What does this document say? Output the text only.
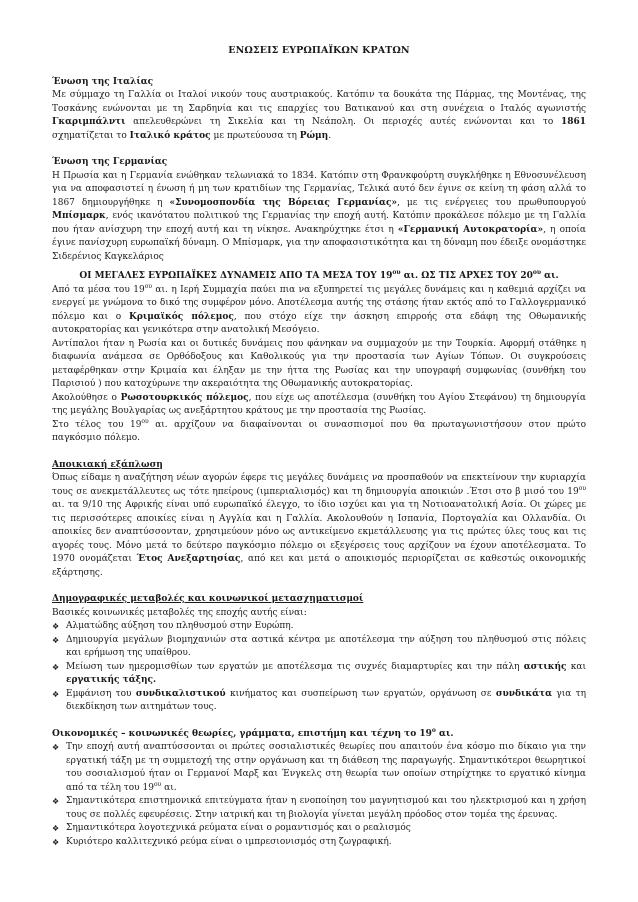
ΕΝΩΣΕΙΣ ΕΥΡΩΠΑΪΚΩΝ ΚΡΑΤΩΝ
Ένωση της Ιταλίας

Με σύμμαχο τη Γαλλία οι Ιταλοί νικούν τους αυστριακούς. Κατόπιν τα δουκάτα της Πάρμας, της Μοντένας, της Τοσκάνης ενώνονται με τη Σαρδηνία και τις επαρχίες του Βατικανού και στη συνέχεια ο Ιταλός αγωνιστής Γκαριμπάλντι απελευθερώνει τη Σικελία και τη Νεάπολη. Οι περιοχές αυτές ενώνονται και το 1861 σχηματίζεται το Ιταλικό κράτος με πρωτεύουσα τη Ρώμη.

Ένωση της Γερμανίας

Η Πρωσία και η Γερμανία ενώθηκαν τελωνιακά το 1834. Κατόπιν στη Φρανκφούρτη συγκλήθηκε η Εθνοσυνέλευση για να αποφασιστεί η ένωση ή μη των κρατιδίων της Γερμανίας, Τελικά αυτό δεν έγινε σε κείνη τη φάση αλλά το 1867 δημιουργήθηκε η «Συνομοσπονδία της Βόρειας Γερμανίας», με τις ενέργειες του πρωθυπουργού Μπίσμαρκ, ενός ικανότατου πολιτικού της Γερμανίας την εποχή αυτή. Κατόπιν προκάλεσε πόλεμο με τη Γαλλία που ήταν ανίσχυρη την εποχή αυτή και τη νίκησε. Ανακηρύχτηκε έτσι η «Γερμανική Αυτοκρατορία», η οποία έγινε πανίσχυρη ευρωπαϊκή δύναμη. Ο Μπίσμαρκ, για την αποφασιστικότητα και τη δύναμη που έδειξε ονομάστηκε Σιδερένιος Καγκελάριος

ΟΙ ΜΕΓΑΛΕΣ ΕΥΡΩΠΑΪΚΕΣ ΔΥΝΑΜΕΙΣ ΑΠΟ ΤΑ ΜΕΣΑ ΤΟΥ $19^{o\upsilon}$ αι. ΩΣ ΤΙΣ ΑΡΧΕΣ ΤΟΥ $20^{o\upsilon}$ αι.

Από τα μέσα του $19^{o\upsilon}$ αι. η Ιερή Συμμαχία παύει πια να εξυπηρετεί τις μεγάλες δυνάμεις και η καθεμιά αρχίζει να ενεργεί με γνώμονα το δικό της συμφέρον μόνο. Αποτέλεσμα αυτής της στάσης ήταν εκτός από το Γαλλογερμανικό πόλεμο και ο Κριμαϊκός πόλεμος, που στόχο είχε την άσκηση επιρροής στα εδάφη της Οθωμανικής αυτοκρατορίας και γενικότερα στην ανατολική Μεσόγειο.

Αντίπαλοι ήταν η Ρωσία και οι δυτικές δυνάμεις που φάνηκαν να συμμαχούν με την Τουρκία. Αφορμή στάθηκε η διαφωνία ανάμεσα σε Ορθόδοξους και Καθολικούς για την προστασία των Αγίων Τόπων. Οι συγκρούσεις μεταφέρθηκαν στην Κριμαία και έληξαν με την ήττα της Ρωσίας και την υπογραφή συμφωνίας (συνθήκη του Παρισιού ) που κατοχύρωνε την ακεραιότητα της Οθωμανικής αυτοκρατορίας.

Ακολούθησε ο Ρωσοτουρκικός πόλεμος, που είχε ως αποτέλεσμα (συνθήκη του Αγίου Στεφάνου) τη δημιουργία της μεγάλης Βουλγαρίας ως ανεξάρτητου κράτους με την προστασία της Ρωσίας.

Στο τέλος του $19^{o\upsilon}$ αι. αρχίζουν να διαφαίνονται οι συνασπισμοί που θα πρωταγωνιστήσουν στον πρώτο παγκόσμιο πόλεμο.

Αποικιακή εξάπλωση

Όπως είδαμε η αναζήτηση νέων αγορών έφερε τις μεγάλες δυνάμεις να προσπαθούν να επεκτείνουν την κυριαρχία τους σε ανεκμετάλλευτες ως τότε ηπείρους (ιμπεριαλισμός) και τη δημιουργία αποικιών .Έτσι στο β μισό του $19^{o\upsilon}$ αι. τα 9/10 της Αφρικής είναι υπό ευρωπαϊκό έλεγχο, το ίδιο ισχύει και για τη Νοτιοανατολική Ασία. Οι χώρες με τις περισσότερες αποικίες είναι η Αγγλία και η Γαλλία. Ακολουθούν η Ισπανία, Πορτογαλία και Ολλανδία. Οι αποικίες δεν αναπτύσσονταν, χρησιμεύουν μόνο ως αντικείμενο εκμετάλλευσης για τις πρώτες ύλες τους και τις αγορές τους. Μόνο μετά το δεύτερο παγκόσμιο πόλεμο οι εξεγέρσεις τους αρχίζουν να έχουν αποτέλεσματα. Το 1970 ονομάζεται Έτος Ανεξαρτησίας, από κει και μετά ο αποικισμός περιορίζεται σε καθεστώς οικονομικής εξάρτησης.

Δημογραφικές μεταβολές και κοινωνικοί μετασχηματισμοί

Βασικές κοινωνικές μεταβολές της εποχής αυτής είναι:

❖ Αλματώδης αύξηση του πληθυσμού στην Ευρώπη.
❖ Δημιουργία μεγάλων βιομηχανιών στα αστικά κέντρα με αποτέλεσμα την αύξηση του πληθυσμού στις πόλεις και ερήμωση της υπαίθρου.
❖ Μείωση των ημερομισθίων των εργατών με αποτέλεσμα τις συχνές διαμαρτυρίες και την πάλη αστικής και εργατικής τάξης.
❖ Εμφάνιση του συνδικαλιστικού κινήματος και συσπείρωση των εργατών, οργάνωση σε συνδικάτα για τη διεκδίκηση των αιτημάτων τους.
Οικονομικές – κοινωνικές θεωρίες, γράμματα, επιστήμη και τέχνη το $19^o$ αι.
❖ Την εποχή αυτή αναπτύσσονται οι πρώτες σοσιαλιστικές θεωρίες που απαιτούν ένα κόσμο πιο δίκαιο για την εργατική τάξη με τη συμμετοχή της στην οργάνωση και τη διάθεση της παραγωγής. Σημαντικότεροι θεωρητικοί του σοσιαλισμού ήταν οι Γερμανοί Μαρξ και Ένγκελς στη θεωρία των οποίων στηρίχτηκε το εργατικό κίνημα από τα τέλη του $19^{o\upsilon}$ αι.
❖ Σημαντικότερα επιστημονικά επιτεύγματα ήταν η ενοποίηση του μαγνητισμού και του ηλεκτρισμού και η χρήση τους σε πολλές εφευρέσεις. Στην ιατρική και τη βιολογία γίνεται μεγάλη πρόοδος στον τομέα της έρευνας.
❖ Σημαντικότερα λογοτεχνικά ρεύματα είναι ο ρομαντισμός και ο ρεαλισμός
❖ Κυριότερο καλλιτεχνικό ρεύμα είναι ο ιμπρεσιονισμός στη ζωγραφική.
